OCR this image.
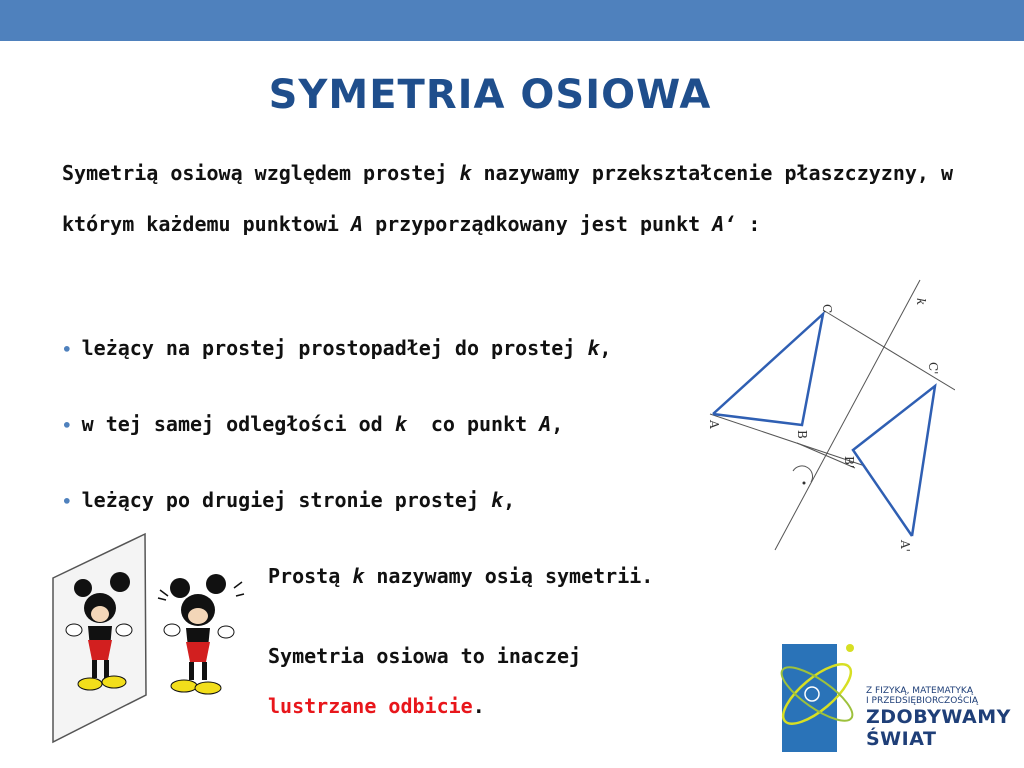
SYMETRIA OSIOWA
Symetrią osiową względem prostej k nazywamy przekształcenie płaszczyzny, w którym każdemu punktowi A przyporządkowany jest punkt A‘ :
• leżący na prostej prostopadłej do prostej k,
• w tej samej odległości od k  co punkt A,
• leżący po drugiej stronie prostej k,
Prostą k nazywamy osią symetrii.
Symetria osiowa to inaczej
lustrzane odbicie.
C
C'
A
B
B'
A'
k
Z FIZYKĄ, MATEMATYKĄ
I PRZEDSIĘBIORCZOŚCIĄ
ZDOBYWAMY
ŚWIAT
